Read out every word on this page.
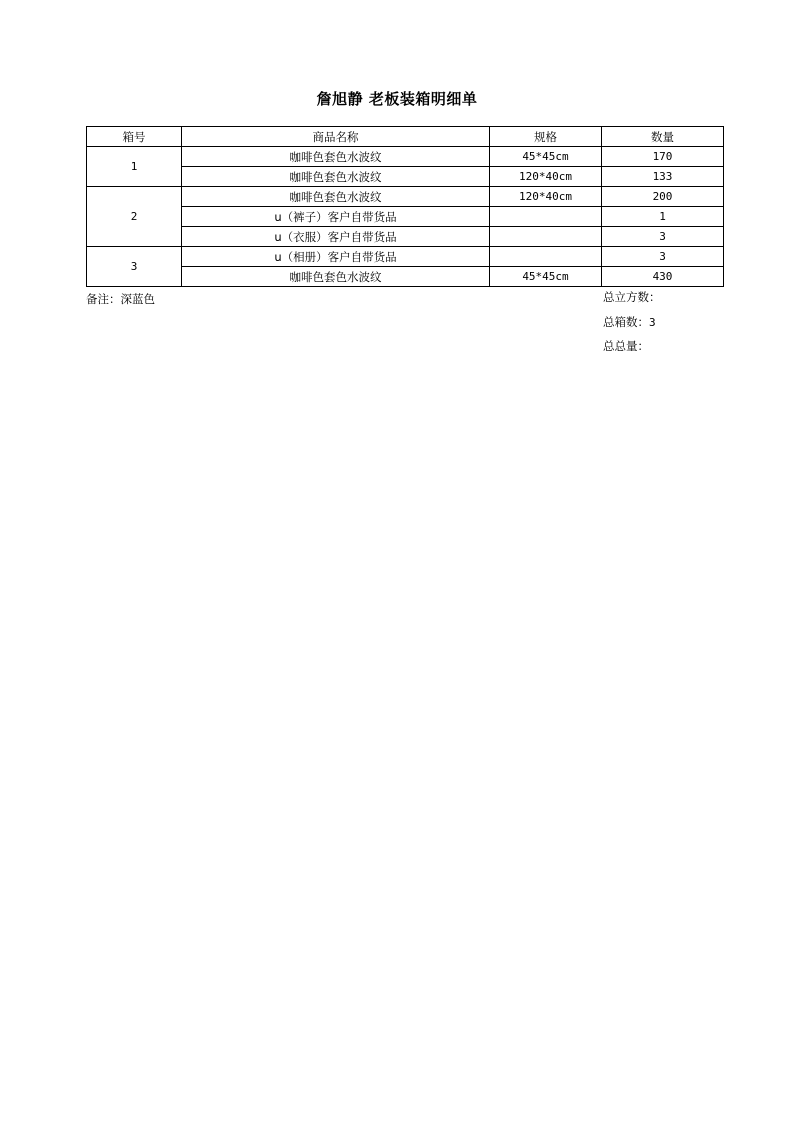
詹旭静 老板装箱明细单
箱号	商品名称	规格	数量
1	咖啡色套色水波纹	45*45cm	170
	咖啡色套色水波纹	120*40cm	133
2	咖啡色套色水波纹	120*40cm	200
	u（裤子）客户自带货品		1
	u（衣服）客户自带货品		3
3	u（相册）客户自带货品		3
	咖啡色套色水波纹	45*45cm	430
备注：深蓝色	总立方数：
总箱数：3
总总量：
